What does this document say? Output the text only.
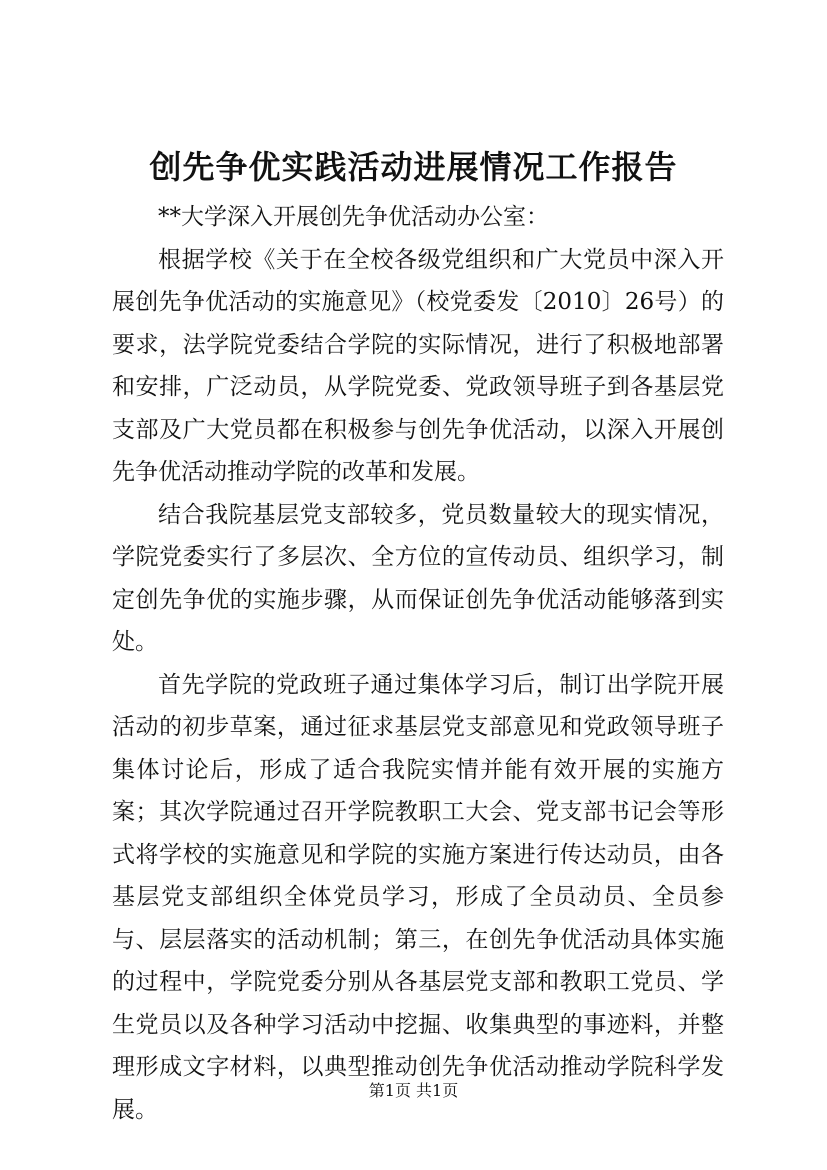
创先争优实践活动进展情况工作报告

**大学深入开展创先争优活动办公室：

根据学校《关于在全校各级党组织和广大党员中深入开展创先争优活动的实施意见》（校党委发〔2010〕26号）的要求，法学院党委结合学院的实际情况，进行了积极地部署和安排，广泛动员，从学院党委、党政领导班子到各基层党支部及广大党员都在积极参与创先争优活动，以深入开展创先争优活动推动学院的改革和发展。

结合我院基层党支部较多，党员数量较大的现实情况，学院党委实行了多层次、全方位的宣传动员、组织学习，制定创先争优的实施步骤，从而保证创先争优活动能够落到实处。

首先学院的党政班子通过集体学习后，制订出学院开展活动的初步草案，通过征求基层党支部意见和党政领导班子集体讨论后，形成了适合我院实情并能有效开展的实施方案；其次学院通过召开学院教职工大会、党支部书记会等形式将学校的实施意见和学院的实施方案进行传达动员，由各基层党支部组织全体党员学习，形成了全员动员、全员参与、层层落实的活动机制；第三，在创先争优活动具体实施的过程中，学院党委分别从各基层党支部和教职工党员、学生党员以及各种学习活动中挖掘、收集典型的事迹料，并整理形成文字材料，以典型推动创先争优活动推动学院科学发展。

第1页 共1页
